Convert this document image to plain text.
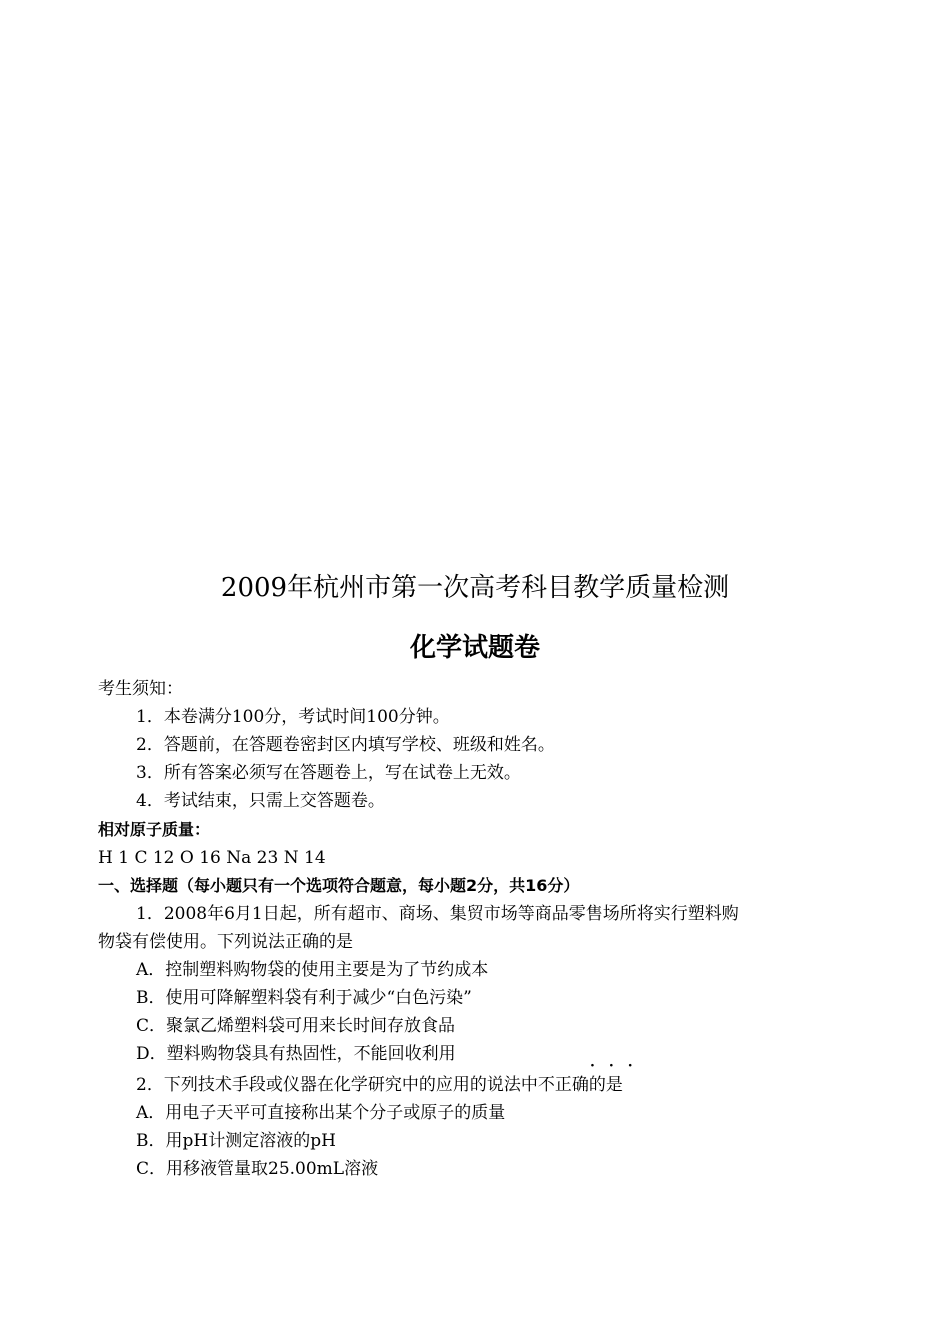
2009年杭州市第一次高考科目教学质量检测
化学试题卷
考生须知：
1．本卷满分100分，考试时间100分钟。
2．答题前，在答题卷密封区内填写学校、班级和姓名。
3．所有答案必须写在答题卷上，写在试卷上无效。
4．考试结束，只需上交答题卷。
相对原子质量：
H 1 C 12 O 16 Na 23 N 14
一、选择题（每小题只有一个选项符合题意，每小题2分，共16分）
1．2008年6月1日起，所有超市、商场、集贸市场等商品零售场所将实行塑料购
物袋有偿使用。下列说法正确的是
A．控制塑料购物袋的使用主要是为了节约成本
B．使用可降解塑料袋有利于减少“白色污染”
C．聚氯乙烯塑料袋可用来长时间存放食品
D．塑料购物袋具有热固性，不能回收利用
···
2．下列技术手段或仪器在化学研究中的应用的说法中不正确的是
A．用电子天平可直接称出某个分子或原子的质量
B．用pH计测定溶液的pH
C．用移液管量取25.00mL溶液
